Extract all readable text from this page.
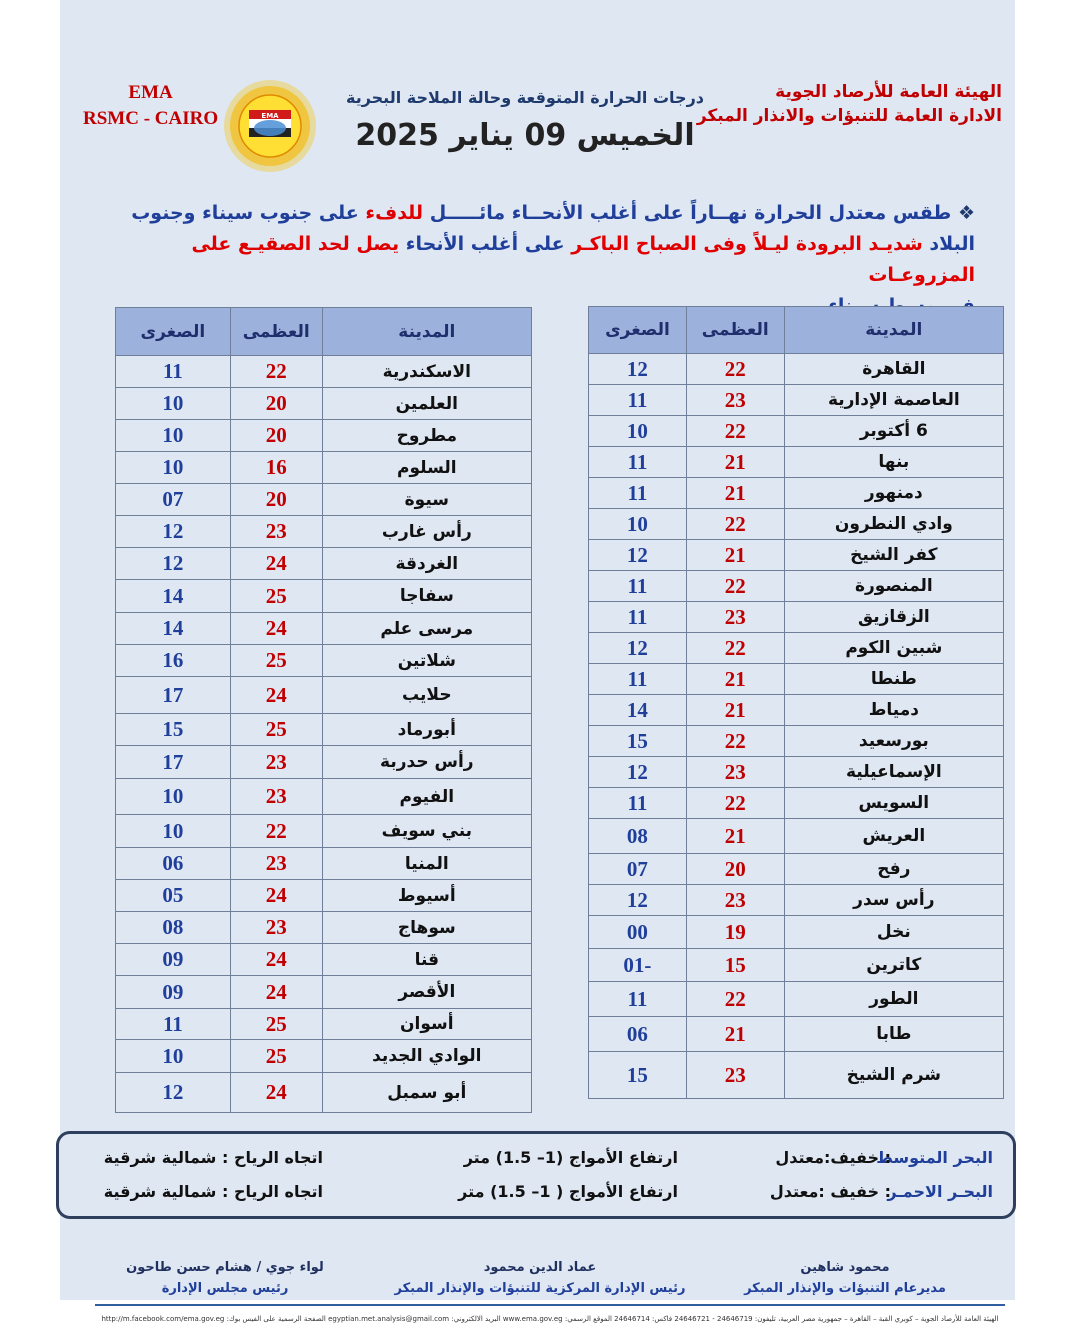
الهيئة العامة للأرصاد الجوية
الادارة العامة للتنبؤات والانذار المبكر
EMA
RSMC - CAIRO	EMA
درجات الحرارة المتوقعة وحالة الملاحة البحرية
الخميس 09 يناير 2025
❖ طقس معتدل الحرارة نهــاراً على أغلب الأنحــاء مائـــــل للدفء على جنوب سيناء وجنوب البلاد شديـد البرودة ليـلاً وفى الصباح الباكـر على أغلب الأنحاء يصل لحد الصقيـع على المزروعـات

المدينة	العظمى	الصغرى
القاهرة	22	12
العاصمة الإدارية	23	11
6 أكتوبر	22	10
بنها	21	11
دمنهور	21	11
وادي النطرون	22	10
كفر الشيخ	21	12
المنصورة	22	11
الزقازيق	23	11
شبين الكوم	22	12
طنطا	21	11
دمياط	21	14
بورسعيد	22	15
الإسماعيلية	23	12
السويس	22	11
العريش	21	08
رفح	20	07
رأس سدر	23	12
نخل	19	00
كاترين	15	-01
الطور	22	11
طابا	21	06
شرم الشيخ	23	15
المدينة	العظمى	الصغرى
الاسكندرية	22	11
العلمين	20	10
مطروح	20	10
السلوم	16	10
سيوة	20	07
رأس غارب	23	12
الغردقة	24	12
سفاجا	25	14
مرسى علم	24	14
شلاتين	25	16
حلايب	24	17
أبورماد	25	15
رأس حدربة	23	17
الفيوم	23	10
بني سويف	22	10
المنيا	23	06
أسيوط	24	05
سوهاج	23	08
قنا	24	09
الأقصر	24	09
أسوان	25	11
الوادي الجديد	25	10
أبو سمبل	24	12
البحر المتوسط
: خفيف:معتدل
ارتفاع الأمواج (1– 1.5) متر
اتجاه الرياح : شمالية شرقية
البحـر الاحمـر
: خفيف :معتدل
ارتفاع الأمواج ( 1– 1.5) متر
اتجاه الرياح : شمالية شرقية
محمود شاهين
مديرعام التنبؤات والإنذار المبكر
عماد الدين محمود
رئيس الإدارة المركزية للتنبؤات والإنذار المبكر
لواء جوي / هشام حسن طاحون
رئيس مجلس الإدارة
الهيئة العامة للأرصاد الجوية – كوبري القبة – القاهرة – جمهورية مصر العربية، تليفون: 24646719 - 24646721 فاكس: 24646714 الموقع الرسمي: www.ema.gov.eg البريد الالكتروني: egyptian.met.analysis@gmail.com الصفحة الرسمية على الفيس بوك: http://m.facebook.com/ema.gov.eg
